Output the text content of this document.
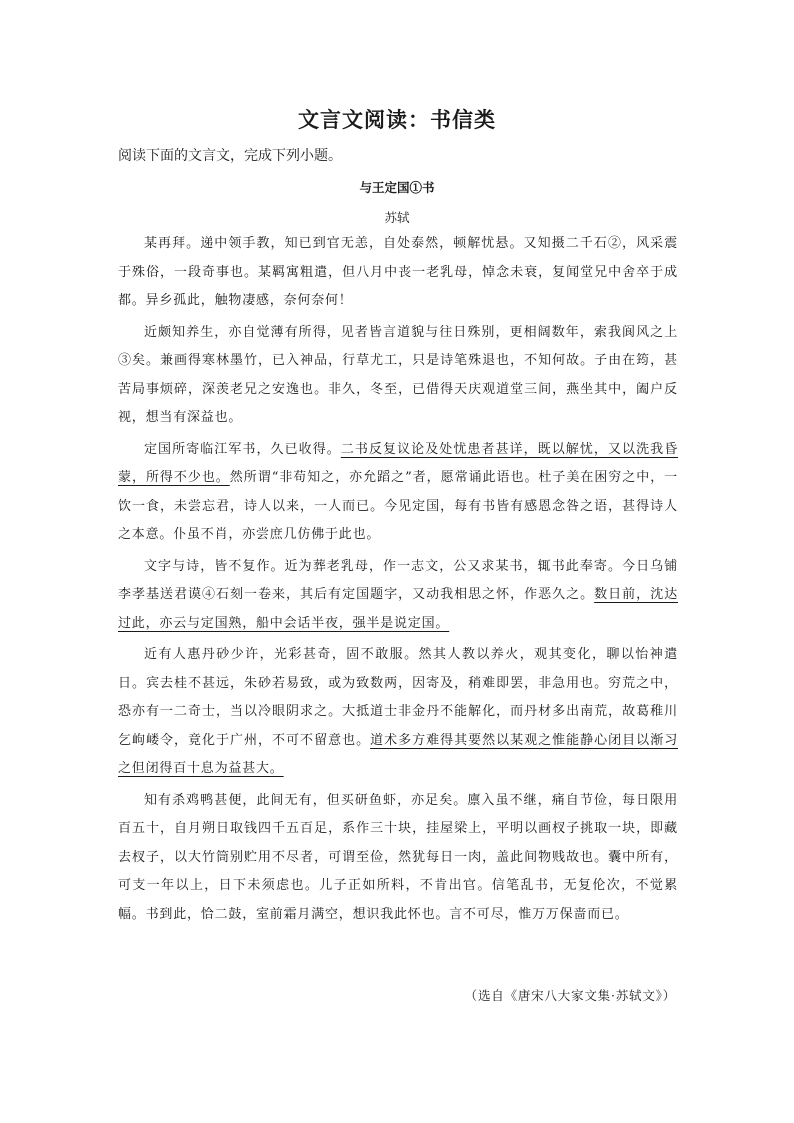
文言文阅读：书信类
阅读下面的文言文，完成下列小题。
与王定国①书
苏轼

某再拜。递中领手教，知已到官无恙，自处泰然，顿解忧悬。又知摄二千石②，风采震于殊俗，一段奇事也。某羁寓粗遣，但八月中丧一老乳母，悼念未衰，复闻堂兄中舍卒于成都。异乡孤此，触物凄感，奈何奈何！

近颇知养生，亦自觉薄有所得，见者皆言道貌与往日殊别，更相阔数年，索我阆风之上③矣。兼画得寒林墨竹，已入神品，行草尤工，只是诗笔殊退也，不知何故。子由在筠，甚苦局事烦碎，深羡老兄之安逸也。非久，冬至，已借得天庆观道堂三间，燕坐其中，阖户反视，想当有深益也。

定国所寄临江军书，久已收得。二书反复议论及处忧患者甚详，既以解忧，又以洗我昏蒙，所得不少也。然所谓“非苟知之，亦允蹈之”者，愿常诵此语也。杜子美在困穷之中，一饮一食，未尝忘君，诗人以来，一人而已。今见定国，每有书皆有感恩念咎之语，甚得诗人之本意。仆虽不肖，亦尝庶几仿佛于此也。

文字与诗，皆不复作。近为葬老乳母，作一志文，公又求某书，辄书此奉寄。今日乌铺李孝基送君谟④石刻一卷来，其后有定国题字，又动我相思之怀，作恶久之。数日前，沈达过此，亦云与定国熟，船中会话半夜，强半是说定国。

近有人惠丹砂少许，光彩甚奇，固不敢服。然其人教以养火，观其变化，聊以怡神遣日。宾去桂不甚远，朱砂若易致，或为致数两，因寄及，稍难即罢，非急用也。穷荒之中，恐亦有一二奇士，当以冷眼阴求之。大抵道士非金丹不能解化，而丹材多出南荒，故葛稚川乞岣嵝令，竟化于广州，不可不留意也。道术多方难得其要然以某观之惟能静心闭目以渐习之但闭得百十息为益甚大。

知有杀鸡鸭甚便，此间无有，但买研鱼虾，亦足矣。廪入虽不继，痛自节俭，每日限用百五十，自月朔日取钱四千五百足，系作三十块，挂屋梁上，平明以画杈子挑取一块，即藏去杈子，以大竹筒别贮用不尽者，可谓至俭，然犹每日一肉，盖此间物贱故也。囊中所有，可支一年以上，日下未须虑也。儿子正如所料，不肯出官。信笔乱书，无复伦次，不觉累幅。书到此，恰二鼓，室前霜月满空，想识我此怀也。言不可尽，惟万万保啬而已。

（选自《唐宋八大家文集·苏轼文》）
